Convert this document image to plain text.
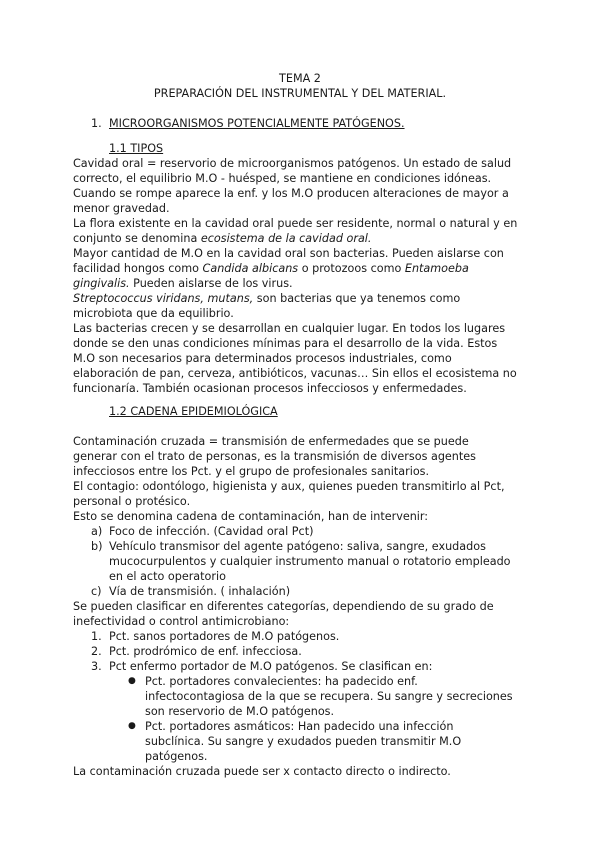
TEMA 2
PREPARACIÓN DEL INSTRUMENTAL Y DEL MATERIAL.
1. MICROORGANISMOS POTENCIALMENTE PATÓGENOS.
1.1 TIPOS
Cavidad oral = reservorio de microorganismos patógenos. Un estado de salud
correcto, el equilibrio M.O - huésped, se mantiene en condiciones idóneas.
Cuando se rompe aparece la enf. y los M.O producen alteraciones de mayor a
menor gravedad.
La flora existente en la cavidad oral puede ser residente, normal o natural y en
conjunto se denomina ecosistema de la cavidad oral.
Mayor cantidad de M.O en la cavidad oral son bacterias. Pueden aislarse con
facilidad hongos como Candida albicans o protozoos como Entamoeba
gingivalis. Pueden aislarse de los virus.
Streptococcus viridans, mutans, son bacterias que ya tenemos como
microbiota que da equilibrio.
Las bacterias crecen y se desarrollan en cualquier lugar. En todos los lugares
donde se den unas condiciones mínimas para el desarrollo de la vida. Estos
M.O son necesarios para determinados procesos industriales, como
elaboración de pan, cerveza, antibióticos, vacunas… Sin ellos el ecosistema no
funcionaría. También ocasionan procesos infecciosos y enfermedades.
1.2 CADENA EPIDEMIOLÓGICA
Contaminación cruzada = transmisión de enfermedades que se puede
generar con el trato de personas, es la transmisión de diversos agentes
infecciosos entre los Pct. y el grupo de profesionales sanitarios.
El contagio: odontólogo, higienista y aux, quienes pueden transmitirlo al Pct,
personal o protésico.
Esto se denomina cadena de contaminación, han de intervenir:
a) Foco de infección. (Cavidad oral Pct)
b) Vehículo transmisor del agente patógeno: saliva, sangre, exudados
mucocurpulentos y cualquier instrumento manual o rotatorio empleado
en el acto operatorio
c) Vía de transmisión. ( inhalación)
Se pueden clasificar en diferentes categorías, dependiendo de su grado de
inefectividad o control antimicrobiano:
1. Pct. sanos portadores de M.O patógenos.
2. Pct. prodrómico de enf. infecciosa.
3. Pct enfermo portador de M.O patógenos. Se clasifican en:
● Pct. portadores convalecientes: ha padecido enf.
infectocontagiosa de la que se recupera. Su sangre y secreciones
son reservorio de M.O patógenos.
● Pct. portadores asmáticos: Han padecido una infección
subclínica. Su sangre y exudados pueden transmitir M.O
patógenos.
La contaminación cruzada puede ser x contacto directo o indirecto.
